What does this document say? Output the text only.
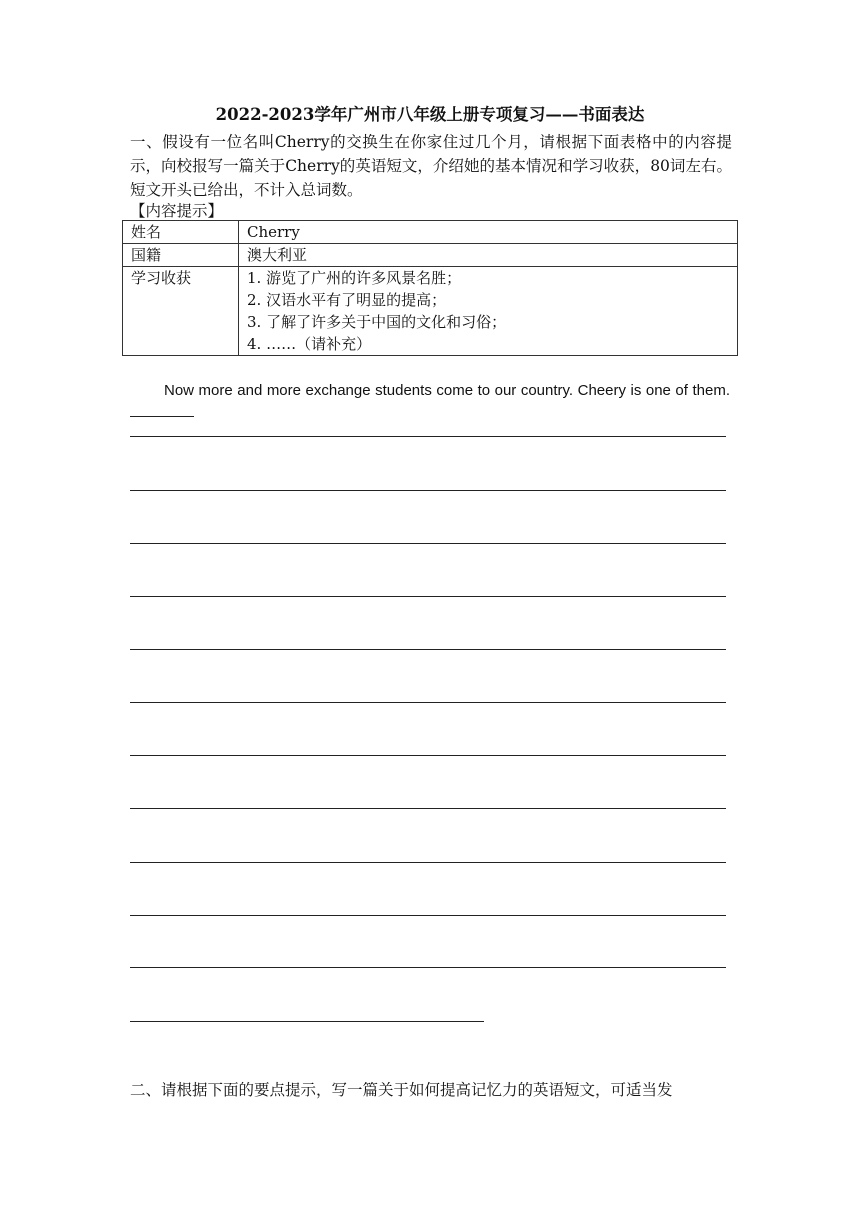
2022-2023学年广州市八年级上册专项复习——书面表达

一、假设有一位名叫Cherry的交换生在你家住过几个月，请根据下面表格中的内容提示，向校报写一篇关于Cherry的英语短文，介绍她的基本情况和学习收获，80词左右。短文开头已给出，不计入总词数。

【内容提示】
姓名	Cherry
国籍	澳大利亚
学习收获	1. 游览了广州的许多风景名胜；
2. 汉语水平有了明显的提高；
3. 了解了许多关于中国的文化和习俗；
4. ……（请补充）
Now more and more exchange students come to our country. Cheery is one of them.
二、请根据下面的要点提示，写一篇关于如何提高记忆力的英语短文，可适当发
